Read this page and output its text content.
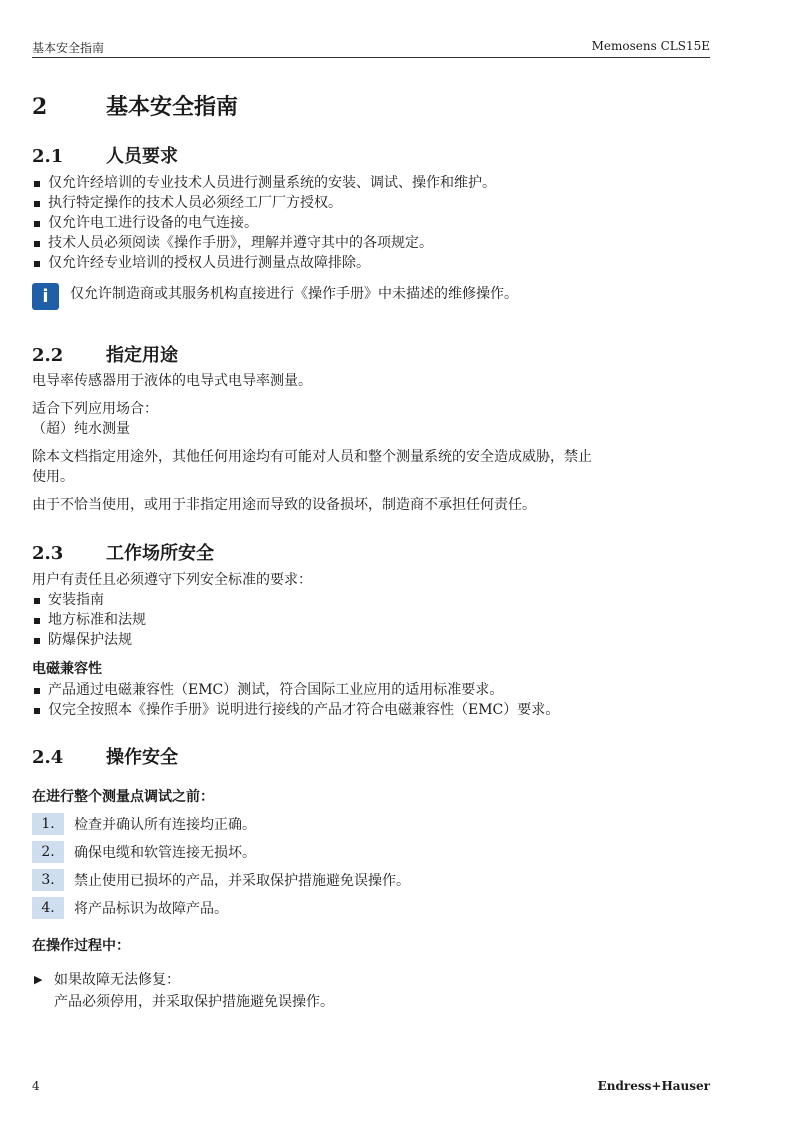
基本安全指南	Memosens CLS15E
2	基本安全指南
2.1 人员要求
仅允许经培训的专业技术人员进行测量系统的安装、调试、操作和维护。
执行特定操作的技术人员必须经工厂厂方授权。
仅允许电工进行设备的电气连接。
技术人员必须阅读《操作手册》，理解并遵守其中的各项规定。
仅允许经专业培训的授权人员进行测量点故障排除。
i	仅允许制造商或其服务机构直接进行《操作手册》中未描述的维修操作。
2.2 指定用途
电导率传感器用于液体的电导式电导率测量。
适合下列应用场合：
（超）纯水测量
除本文档指定用途外，其他任何用途均有可能对人员和整个测量系统的安全造成威胁，禁止
使用。
由于不恰当使用，或用于非指定用途而导致的设备损坏，制造商不承担任何责任。
2.3 工作场所安全
用户有责任且必须遵守下列安全标准的要求：
安装指南
地方标准和法规
防爆保护法规
电磁兼容性
产品通过电磁兼容性（EMC）测试，符合国际工业应用的适用标准要求。
仅完全按照本《操作手册》说明进行接线的产品才符合电磁兼容性（EMC）要求。
2.4 操作安全
在进行整个测量点调试之前：
1.	检查并确认所有连接均正确。
2.	确保电缆和软管连接无损坏。
3.	禁止使用已损坏的产品，并采取保护措施避免误操作。
4.	将产品标识为故障产品。
在操作过程中：
▶ 如果故障无法修复：
产品必须停用，并采取保护措施避免误操作。
4	Endress+Hauser
